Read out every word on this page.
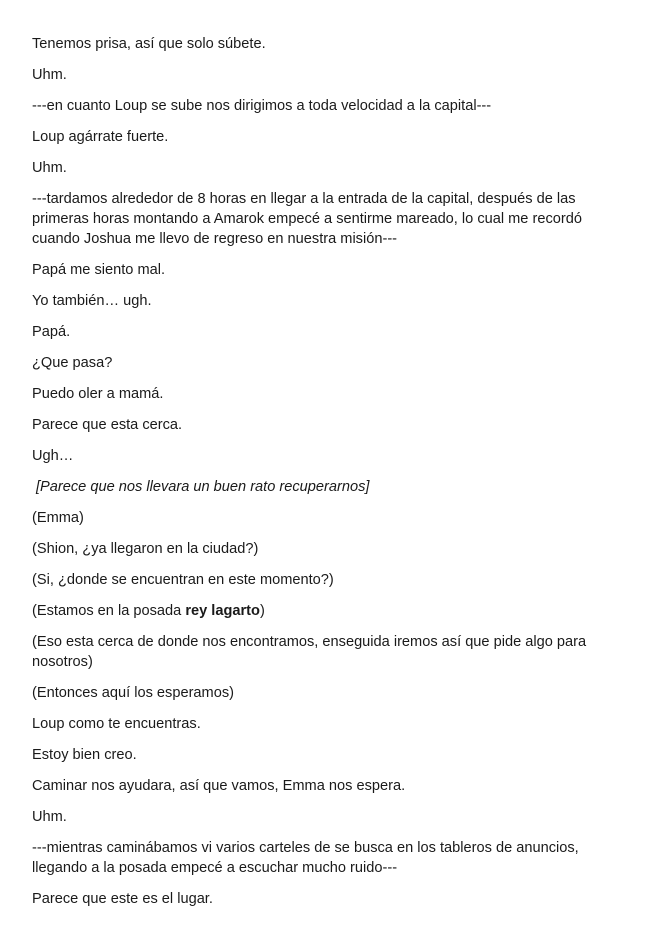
Tenemos prisa, así que solo súbete.

Uhm.

---en cuanto Loup se sube nos dirigimos a toda velocidad a la capital---

Loup agárrate fuerte.

Uhm.

---tardamos alrededor de 8 horas en llegar a la entrada de la capital, después de las primeras horas montando a Amarok empecé a sentirme mareado, lo cual me recordó cuando Joshua me llevo de regreso en nuestra misión---

Papá me siento mal.

Yo también… ugh.

Papá.

¿Que pasa?

Puedo oler a mamá.

Parece que esta cerca.

Ugh…

[Parece que nos llevara un buen rato recuperarnos]

(Emma)

(Shion, ¿ya llegaron en la ciudad?)

(Si, ¿donde se encuentran en este momento?)

(Estamos en la posada rey lagarto)

(Eso esta cerca de donde nos encontramos, enseguida iremos así que pide algo para nosotros)

(Entonces aquí los esperamos)

Loup como te encuentras.

Estoy bien creo.

Caminar nos ayudara, así que vamos, Emma nos espera.

Uhm.

---mientras caminábamos vi varios carteles de se busca en los tableros de anuncios, llegando a la posada empecé a escuchar mucho ruido---

Parece que este es el lugar.
